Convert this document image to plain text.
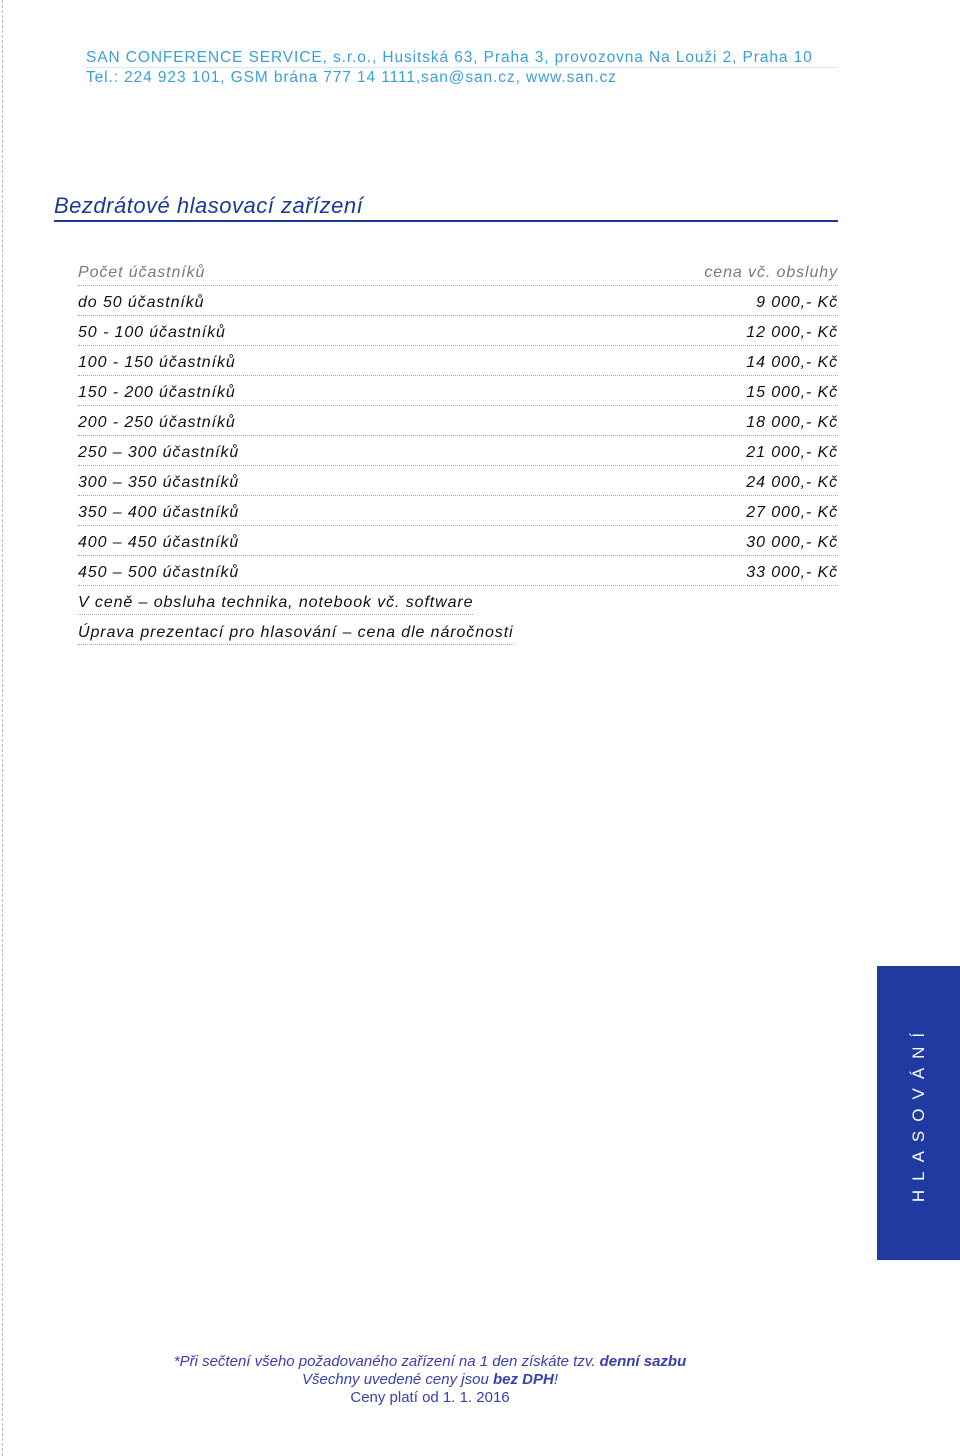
SAN CONFERENCE SERVICE, s.r.o., Husitská 63, Praha 3, provozovna Na Louži 2, Praha 10
Tel.: 224 923 101, GSM brána 777 14 1111,san@san.cz, www.san.cz
Bezdrátové hlasovací zařízení
Počet účastníků	cena vč. obsluhy
do 50 účastníků	9 000,- Kč
50 - 100 účastníků	12 000,- Kč
100 - 150 účastníků	14 000,- Kč
150 - 200 účastníků	15 000,- Kč
200 - 250 účastníků	18 000,- Kč
250 – 300 účastníků	21 000,- Kč
300 – 350 účastníků	24 000,- Kč
350 – 400 účastníků	27 000,- Kč
400 – 450 účastníků	30 000,- Kč
450 – 500 účastníků	33 000,- Kč
V ceně – obsluha technika, notebook vč. software
Úprava prezentací pro hlasování – cena dle náročnosti
HLASOVÁNÍ
*Při sečtení všeho požadovaného zařízení na 1 den získáte tzv. denní sazbu
Všechny uvedené ceny jsou bez DPH!
Ceny platí od 1. 1. 2016
